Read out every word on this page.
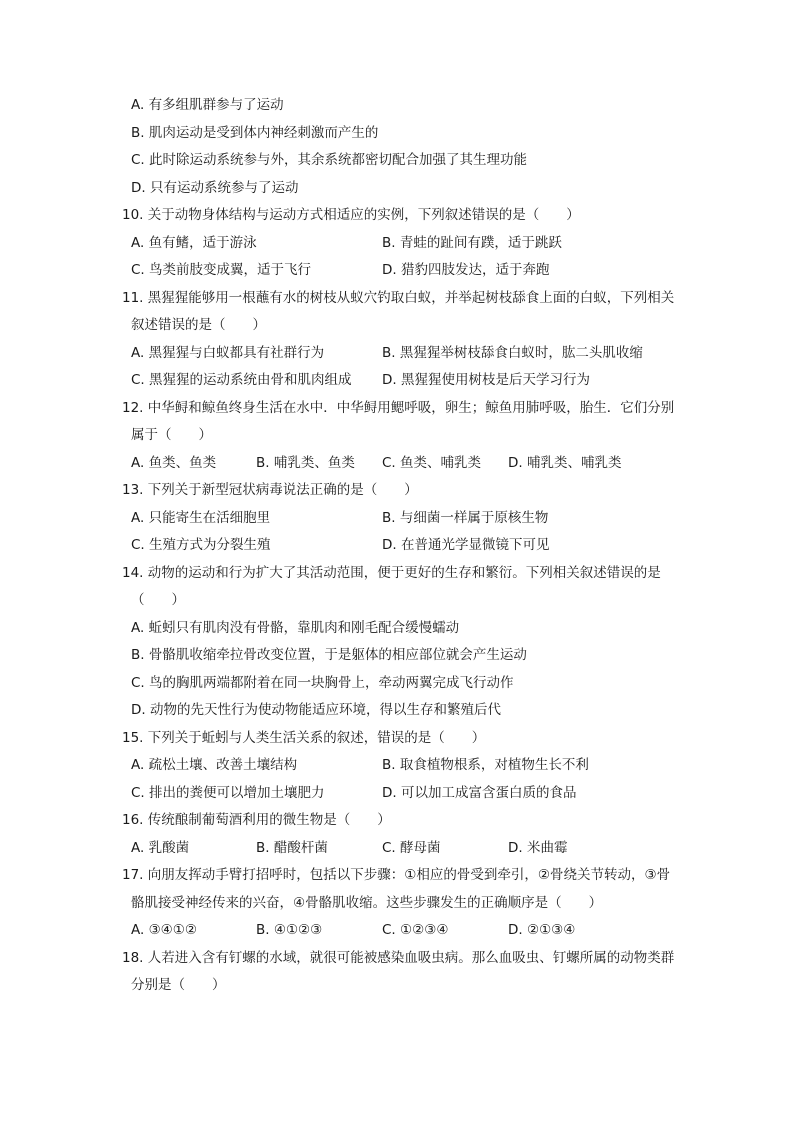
A. 有多组肌群参与了运动
B. 肌肉运动是受到体内神经刺激而产生的
C. 此时除运动系统参与外，其余系统都密切配合加强了其生理功能
D. 只有运动系统参与了运动
10. 关于动物身体结构与运动方式相适应的实例，下列叙述错误的是（　　）
A. 鱼有鳍，适于游泳	B. 青蛙的趾间有蹼，适于跳跃
C. 鸟类前肢变成翼，适于飞行	D. 猎豹四肢发达，适于奔跑
11. 黑猩猩能够用一根蘸有水的树枝从蚁穴钓取白蚁，并举起树枝舔食上面的白蚁，下列相关
叙述错误的是（　　）
A. 黑猩猩与白蚁都具有社群行为	B. 黑猩猩举树枝舔食白蚁时，肱二头肌收缩
C. 黑猩猩的运动系统由骨和肌肉组成 D. 黑猩猩使用树枝是后天学习行为
12. 中华鲟和鲸鱼终身生活在水中．中华鲟用鳃呼吸，卵生；鲸鱼用肺呼吸，胎生．它们分别
属于（　　）
A. 鱼类、鱼类	B. 哺乳类、鱼类 C. 鱼类、哺乳类 D. 哺乳类、哺乳类
13. 下列关于新型冠状病毒说法正确的是（　　）
A. 只能寄生在活细胞里	B. 与细菌一样属于原核生物
C. 生殖方式为分裂生殖	D. 在普通光学显微镜下可见
14. 动物的运动和行为扩大了其活动范围，便于更好的生存和繁衍。下列相关叙述错误的是
（　　）
A. 蚯蚓只有肌肉没有骨骼，靠肌肉和刚毛配合缓慢蠕动
B. 骨骼肌收缩牵拉骨改变位置，于是躯体的相应部位就会产生运动
C. 鸟的胸肌两端都附着在同一块胸骨上，牵动两翼完成飞行动作
D. 动物的先天性行为使动物能适应环境，得以生存和繁殖后代
15. 下列关于蚯蚓与人类生活关系的叙述，错误的是（　　）
A. 疏松土壤、改善土壤结构	B. 取食植物根系，对植物生长不利
C. 排出的粪便可以增加土壤肥力	D. 可以加工成富含蛋白质的食品
16. 传统酿制葡萄酒利用的微生物是（　　）
A. 乳酸菌	B. 醋酸杆菌	C. 酵母菌	D. 米曲霉
17. 向朋友挥动手臂打招呼时，包括以下步骤：①相应的骨受到牵引，②骨绕关节转动，③骨
骼肌接受神经传来的兴奋，④骨骼肌收缩。这些步骤发生的正确顺序是（　　）
A. ③④①②	B. ④①②③	C. ①②③④	D. ②①③④
18. 人若进入含有钉螺的水域，就很可能被感染血吸虫病。那么血吸虫、钉螺所属的动物类群
分别是（　　）
